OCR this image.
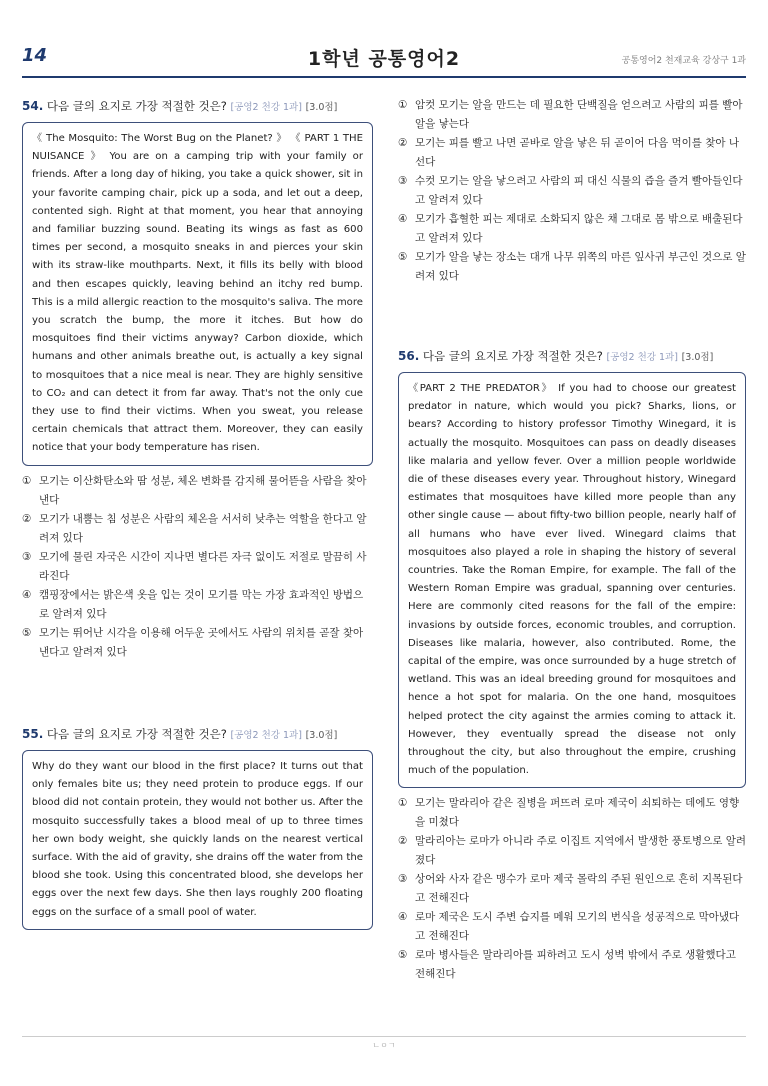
14	1학년 공통영어2	공통영어2 천재교육 강상구 1과
54. 다음 글의 요지로 가장 적절한 것은? [공영2 천강 1과] [3.0점]
《 The Mosquito: The Worst Bug on the Planet? 》 《 PART 1 THE NUISANCE 》 You are on a camping trip with your family or friends. After a long day of hiking, you take a quick shower, sit in your favorite camping chair, pick up a soda, and let out a deep, contented sigh. Right at that moment, you hear that annoying and familiar buzzing sound. Beating its wings as fast as 600 times per second, a mosquito sneaks in and pierces your skin with its straw-like mouthparts. Next, it fills its belly with blood and then escapes quickly, leaving behind an itchy red bump. This is a mild allergic reaction to the mosquito's saliva. The more you scratch the bump, the more it itches. But how do mosquitoes find their victims anyway? Carbon dioxide, which humans and other animals breathe out, is actually a key signal to mosquitoes that a nice meal is near. They are highly sensitive to CO₂ and can detect it from far away. That's not the only cue they use to find their victims. When you sweat, you release certain chemicals that attract them. Moreover, they can easily notice that your body temperature has risen.
① 모기는 이산화탄소와 땀 성분, 체온 변화를 감지해 물어뜯을 사람을 찾아낸다
② 모기가 내뿜는 침 성분은 사람의 체온을 서서히 낮추는 역할을 한다고 알려져 있다
③ 모기에 물린 자국은 시간이 지나면 별다른 자극 없이도 저절로 말끔히 사라진다
④ 캠핑장에서는 밝은색 옷을 입는 것이 모기를 막는 가장 효과적인 방법으로 알려져 있다
⑤ 모기는 뛰어난 시각을 이용해 어두운 곳에서도 사람의 위치를 곧잘 찾아낸다고 알려져 있다
55. 다음 글의 요지로 가장 적절한 것은? [공영2 천강 1과] [3.0점]
Why do they want our blood in the first place? It turns out that only females bite us; they need protein to produce eggs. If our blood did not contain protein, they would not bother us. After the mosquito successfully takes a blood meal of up to three times her own body weight, she quickly lands on the nearest vertical surface. With the aid of gravity, she drains off the water from the blood she took. Using this concentrated blood, she develops her eggs over the next few days. She then lays roughly 200 floating eggs on the surface of a small pool of water.
① 암컷 모기는 알을 만드는 데 필요한 단백질을 얻으려고 사람의 피를 빨아 알을 낳는다
② 모기는 피를 빨고 나면 곧바로 알을 낳은 뒤 곧이어 다음 먹이를 찾아 나선다
③ 수컷 모기는 알을 낳으려고 사람의 피 대신 식물의 즙을 즐겨 빨아들인다고 알려져 있다
④ 모기가 흡혈한 피는 제대로 소화되지 않은 채 그대로 몸 밖으로 배출된다고 알려져 있다
⑤ 모기가 알을 낳는 장소는 대개 나무 위쪽의 마른 잎사귀 부근인 것으로 알려져 있다
56. 다음 글의 요지로 가장 적절한 것은? [공영2 천강 1과] [3.0점]
《PART 2 THE PREDATOR》 If you had to choose our greatest predator in nature, which would you pick? Sharks, lions, or bears? According to history professor Timothy Winegard, it is actually the mosquito. Mosquitoes can pass on deadly diseases like malaria and yellow fever. Over a million people worldwide die of these diseases every year. Throughout history, Winegard estimates that mosquitoes have killed more people than any other single cause — about fifty-two billion people, nearly half of all humans who have ever lived. Winegard claims that mosquitoes also played a role in shaping the history of several countries. Take the Roman Empire, for example. The fall of the Western Roman Empire was gradual, spanning over centuries. Here are commonly cited reasons for the fall of the empire: invasions by outside forces, economic troubles, and corruption. Diseases like malaria, however, also contributed. Rome, the capital of the empire, was once surrounded by a huge stretch of wetland. This was an ideal breeding ground for mosquitoes and hence a hot spot for malaria. On the one hand, mosquitoes helped protect the city against the armies coming to attack it. However, they eventually spread the disease not only throughout the city, but also throughout the empire, crushing much of the population.
① 모기는 말라리아 같은 질병을 퍼뜨려 로마 제국이 쇠퇴하는 데에도 영향을 미쳤다
② 말라리아는 로마가 아니라 주로 이집트 지역에서 발생한 풍토병으로 알려졌다
③ 상어와 사자 같은 맹수가 로마 제국 몰락의 주된 원인으로 흔히 지목된다고 전해진다
④ 로마 제국은 도시 주변 습지를 메워 모기의 번식을 성공적으로 막아냈다고 전해진다
⑤ 로마 병사들은 말라리아를 피하려고 도시 성벽 밖에서 주로 생활했다고 전해진다
ㄴㅇㄱ
